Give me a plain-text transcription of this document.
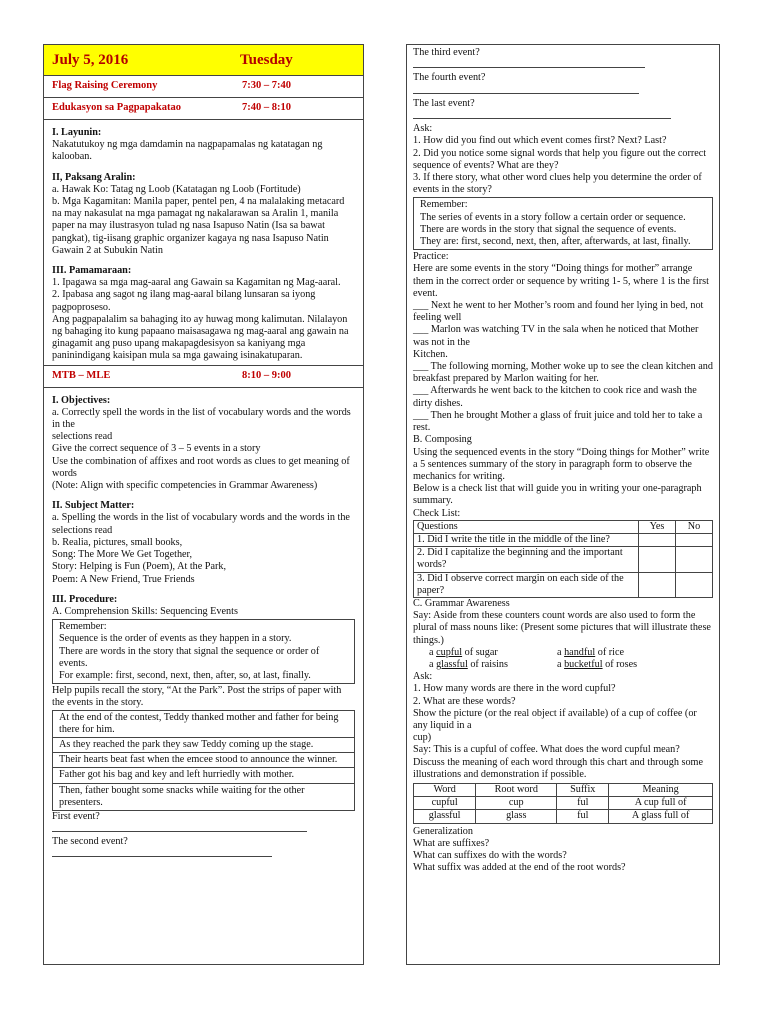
July 5, 2016	Tuesday
Flag Raising Ceremony	7:30 – 7:40
Edukasyon sa Pagpapakatao	7:40 – 8:10
I. Layunin:
Nakatutukoy ng mga damdamin na nagpapamalas ng katatagan ng kalooban.
II, Paksang Aralin:
a. Hawak Ko: Tatag ng Loob (Katatagan ng Loob (Fortitude)
b. Mga Kagamitan: Manila paper, pentel pen, 4 na malalaking metacard na may nakasulat na mga pamagat ng nakalarawan sa Aralin 1, manila paper na may ilustrasyon tulad ng nasa Isapuso Natin (Isa sa bawat pangkat), tig-iisang graphic organizer kagaya ng nasa Isapuso Natin Gawain 2 at Subukin Natin
III. Pamamaraan:
1. Ipagawa sa mga mag-aaral ang Gawain sa Kagamitan ng Mag-aaral.
2. Ipabasa ang sagot ng ilang mag-aaral bilang lunsaran sa iyong pagpoproseso.
Ang pagpapalalim sa bahaging ito ay huwag mong kalimutan. Nilalayon ng bahaging ito kung papaano maisasagawa ng mag-aaral ang gawain na ginagamit ang puso upang makapagdesisyon sa kaniyang mga paninindigang kaisipan mula sa mga gawaing isinakatuparan.
MTB – MLE	8:10 – 9:00
I. Objectives:
a. Correctly spell the words in the list of vocabulary words and the words in the
selections read
Give the correct sequence of 3 – 5 events in a story
Use the combination of affixes and root words as clues to get meaning of words
(Note: Align with specific competencies in Grammar Awareness)
II. Subject Matter:
a. Spelling the words in the list of vocabulary words and the words in the selections read
b. Realia, pictures, small books,
Song: The More We Get Together,
Story: Helping is Fun (Poem), At the Park,
Poem: A New Friend, True Friends
III. Procedure:
A. Comprehension Skills: Sequencing Events
Remember:
Sequence is the order of events as they happen in a story.
There are words in the story that signal the sequence or order of events.
For example: first, second, next, then, after, so, at last, finally.
Help pupils recall the story, “At the Park”. Post the strips of paper with the events in the story.
At the end of the contest, Teddy thanked mother and father for being there for him.
As they reached the park they saw Teddy coming up the stage.
Their hearts beat fast when the emcee stood to announce the winner.
Father got his bag and key and left hurriedly with mother.
Then, father bought some snacks while waiting for the other presenters.
First event?
The second event?
The third event?
The fourth event?
The last event?
Ask:
1. How did you find out which event comes first? Next? Last?
2. Did you notice some signal words that help you figure out the correct sequence of events? What are they?
3. If there story, what other word clues help you determine the order of events in the story?
Remember:
The series of events in a story follow a certain order or sequence.
There are words in the story that signal the sequence of events.
They are: first, second, next, then, after, afterwards, at last, finally.
Practice:
Here are some events in the story “Doing things for mother” arrange them in the correct order or sequence by writing 1- 5, where 1 is the first event.
___ Next he went to her Mother’s room and found her lying in bed, not feeling well
___ Marlon was watching TV in the sala when he noticed that Mother was not in the
Kitchen.
___ The following morning, Mother woke up to see the clean kitchen and breakfast prepared by Marlon waiting for her.
___ Afterwards he went back to the kitchen to cook rice and wash the dirty dishes.
___ Then he brought Mother a glass of fruit juice and told her to take a rest.
B. Composing
Using the sequenced events in the story “Doing things for Mother” write a 5 sentences summary of the story in paragraph form to observe the mechanics for writing.
Below is a check list that will guide you in writing your one-paragraph summary.
Check List:
Questions	Yes	No
1. Did I write the title in the middle of the line?		
2. Did I capitalize the beginning and the important words?		
3. Did I observe correct margin on each side of the paper?		
C. Grammar Awareness
Say: Aside from these counters count words are also used to form the plural of mass nouns like: (Present some pictures that will illustrate these things.)
a cupful of sugar	a handful of rice
a glassful of raisins	a bucketful of roses
Ask:
1. How many words are there in the word cupful?
2. What are these words?
Show the picture (or the real object if available) of a cup of coffee (or any liquid in a
cup)
Say: This is a cupful of coffee. What does the word cupful mean?
Discuss the meaning of each word through this chart and through some illustrations and demonstration if possible.
Word	Root word	Suffix	Meaning
cupful	cup	ful	A cup full of
glassful	glass	ful	A glass full of
Generalization
What are suffixes?
What can suffixes do with the words?
What suffix was added at the end of the root words?
